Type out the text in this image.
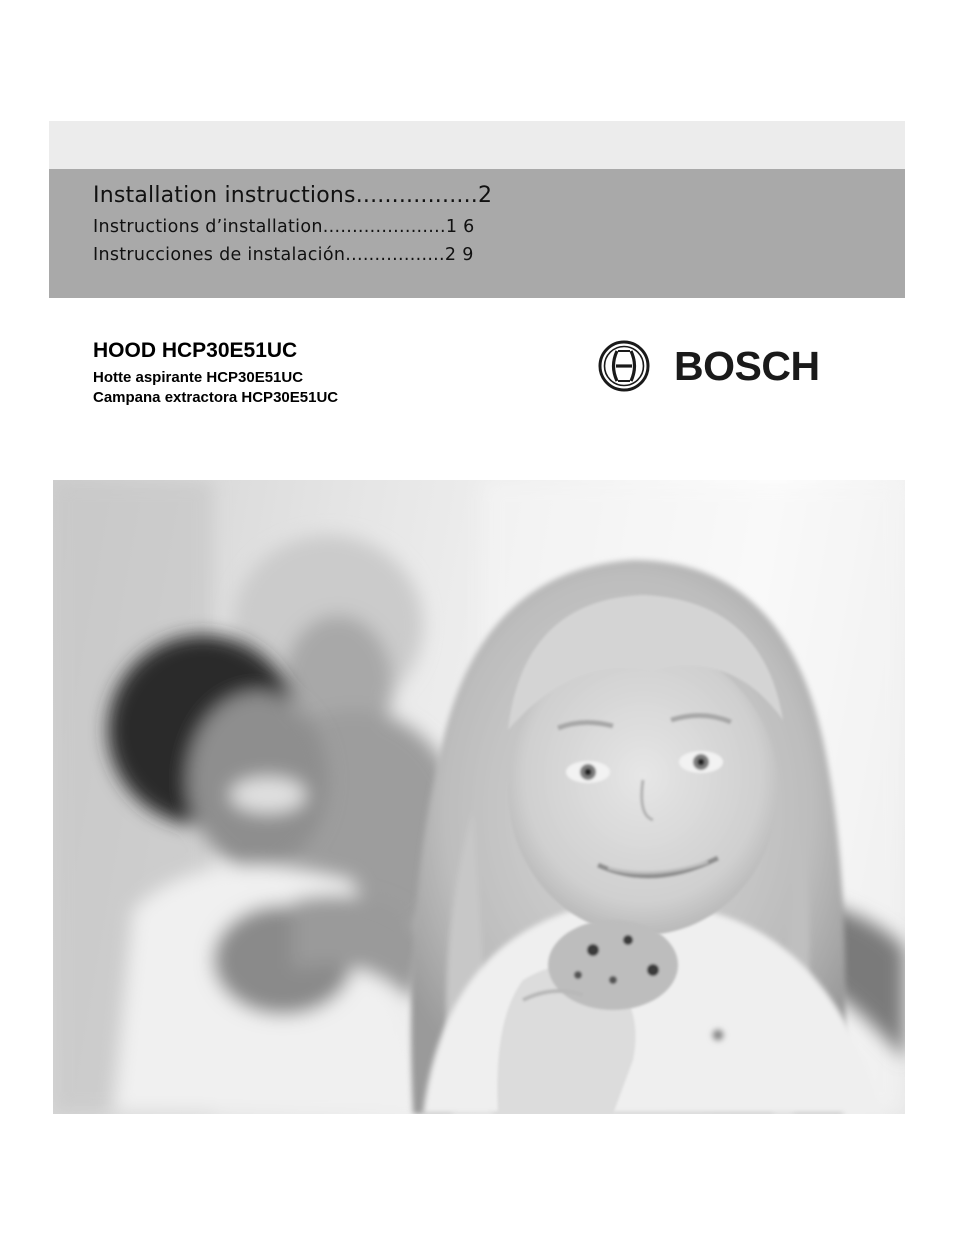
Installation instructions.................2
Instructions d’installation.....................1 6
Instrucciones de instalación.................2 9
HOOD HCP30E51UC
Hotte aspirante HCP30E51UC
Campana extractora HCP30E51UC
BOSCH
